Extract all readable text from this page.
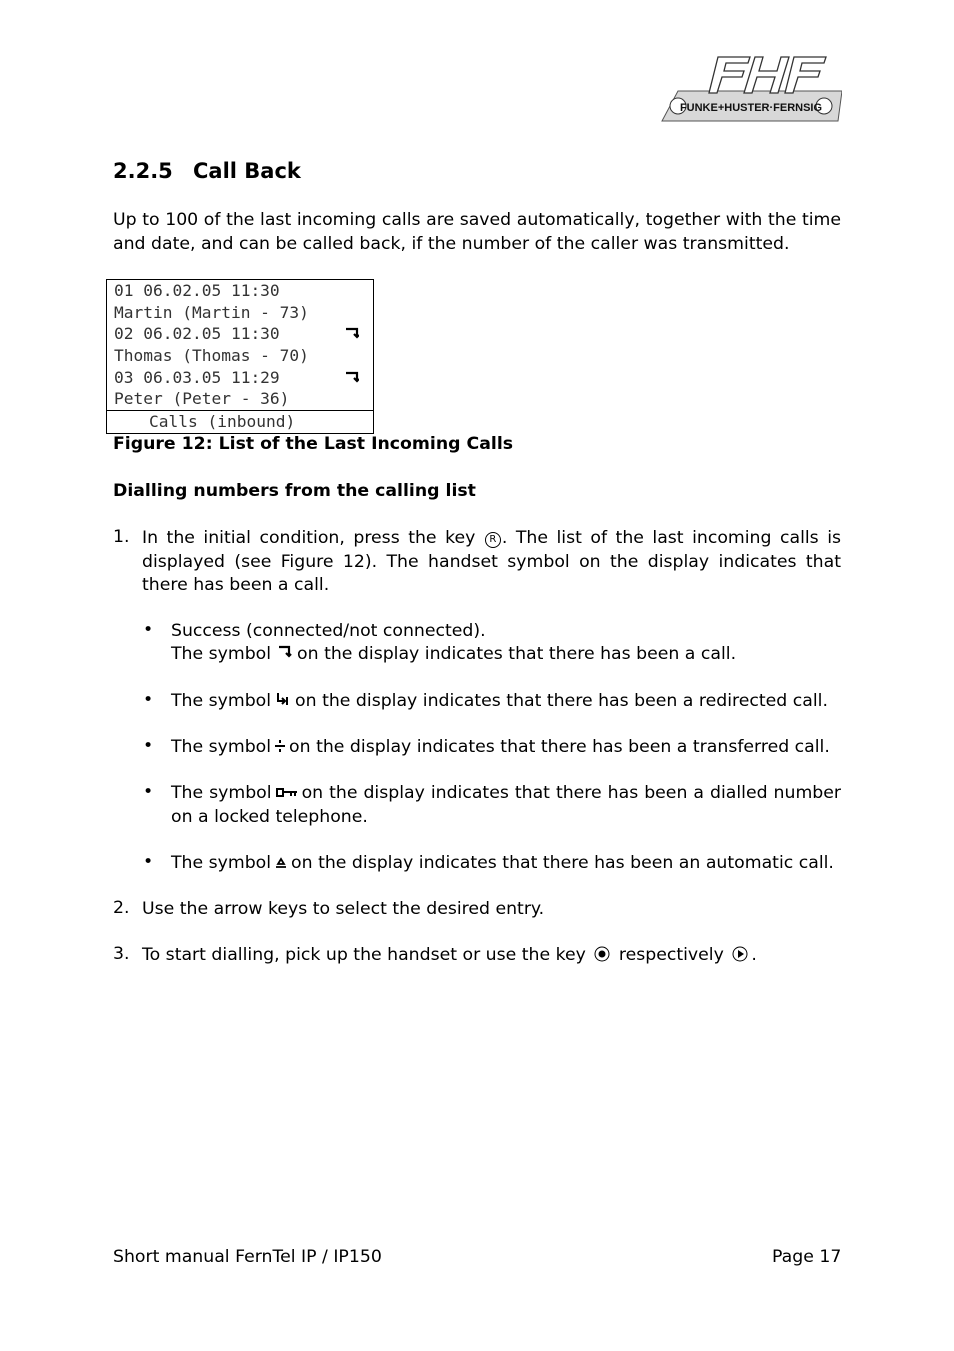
FUNKE+HUSTER·FERNSIG
2.2.5 Call Back
Up to 100 of the last incoming calls are saved automatically, together with the time and date, and can be called back, if the number of the caller was transmitted.
01 06.02.05 11:30
Martin (Martin - 73)
02 06.02.05 11:30
Thomas (Thomas - 70)
03 06.03.05 11:29
Peter (Peter - 36)
Calls (inbound)
Figure 12: List of the Last Incoming Calls
Dialling numbers from the calling list
1. In the initial condition, press the key R . The list of the last incoming calls is displayed (see Figure 12). The handset symbol on the display indicates that there has been a call.
• Success (connected/not connected).
The symbol on the display indicates that there has been a call.
• The symbol on the display indicates that there has been a redirected call.
• The symbol on the display indicates that there has been a transferred call.
• The symbol on the display indicates that there has been a dialled number on a locked telephone.
• The symbol on the display indicates that there has been an automatic call.
2. Use the arrow keys to select the desired entry.
3. To start dialling, pick up the handset or use the key respectively .
Short manual FernTel IP / IP150	Page 17
